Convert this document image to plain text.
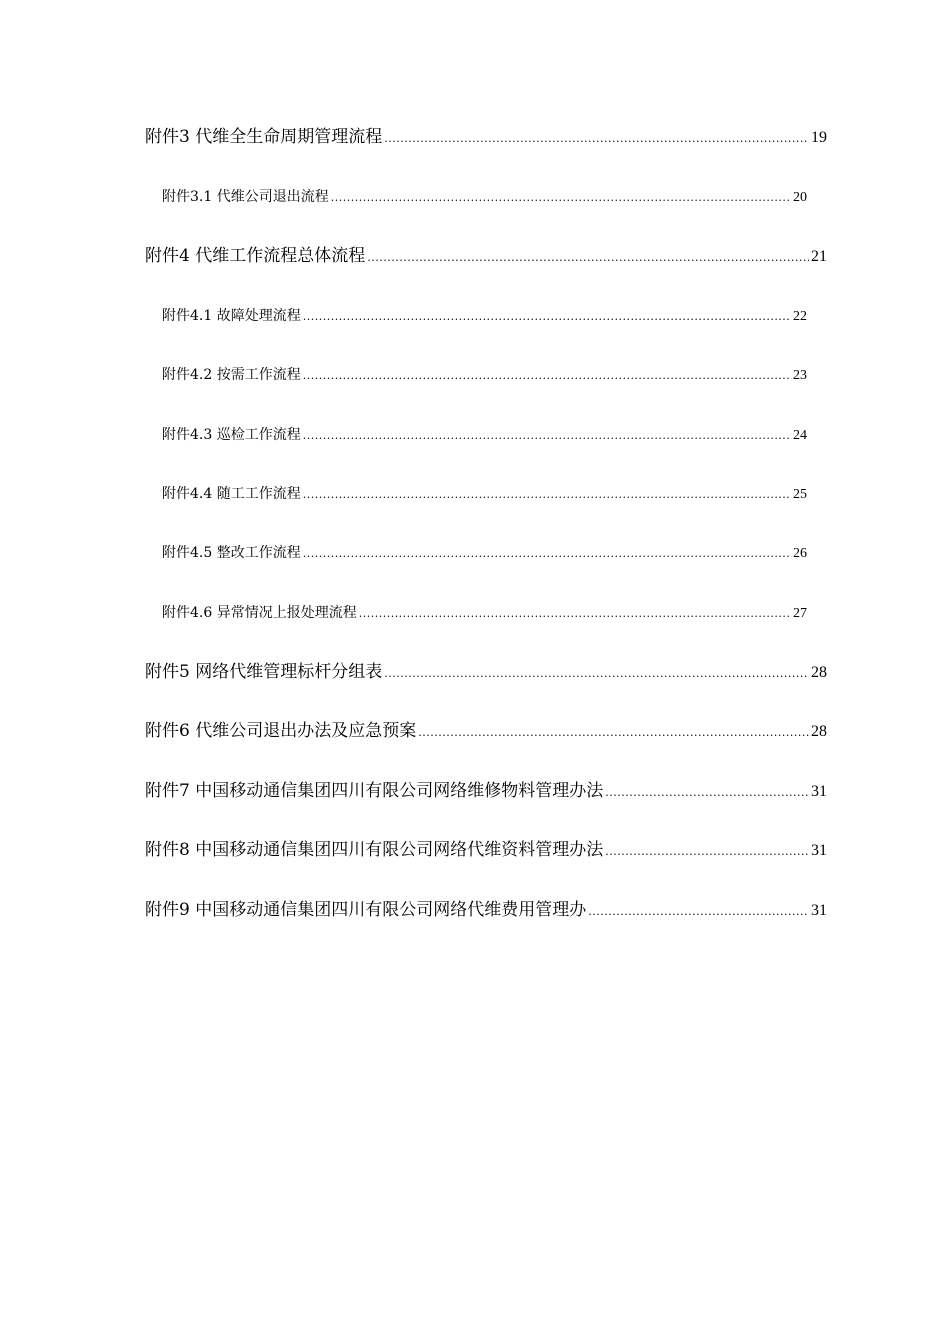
附件3 代维全生命周期管理流程 .....	19
附件3.1 代维公司退出流程 .....	20
附件4 代维工作流程总体流程 .....	21
附件4.1 故障处理流程 .....	22
附件4.2 按需工作流程 .....	23
附件4.3 巡检工作流程 .....	24
附件4.4 随工工作流程 .....	25
附件4.5 整改工作流程 .....	26
附件4.6 异常情况上报处理流程 .....	27
附件5 网络代维管理标杆分组表 .....	28
附件6 代维公司退出办法及应急预案 .....	28
附件7 中国移动通信集团四川有限公司网络维修物料管理办法 .....	31
附件8 中国移动通信集团四川有限公司网络代维资料管理办法 .....	31
附件9 中国移动通信集团四川有限公司网络代维费用管理办 .....	31
